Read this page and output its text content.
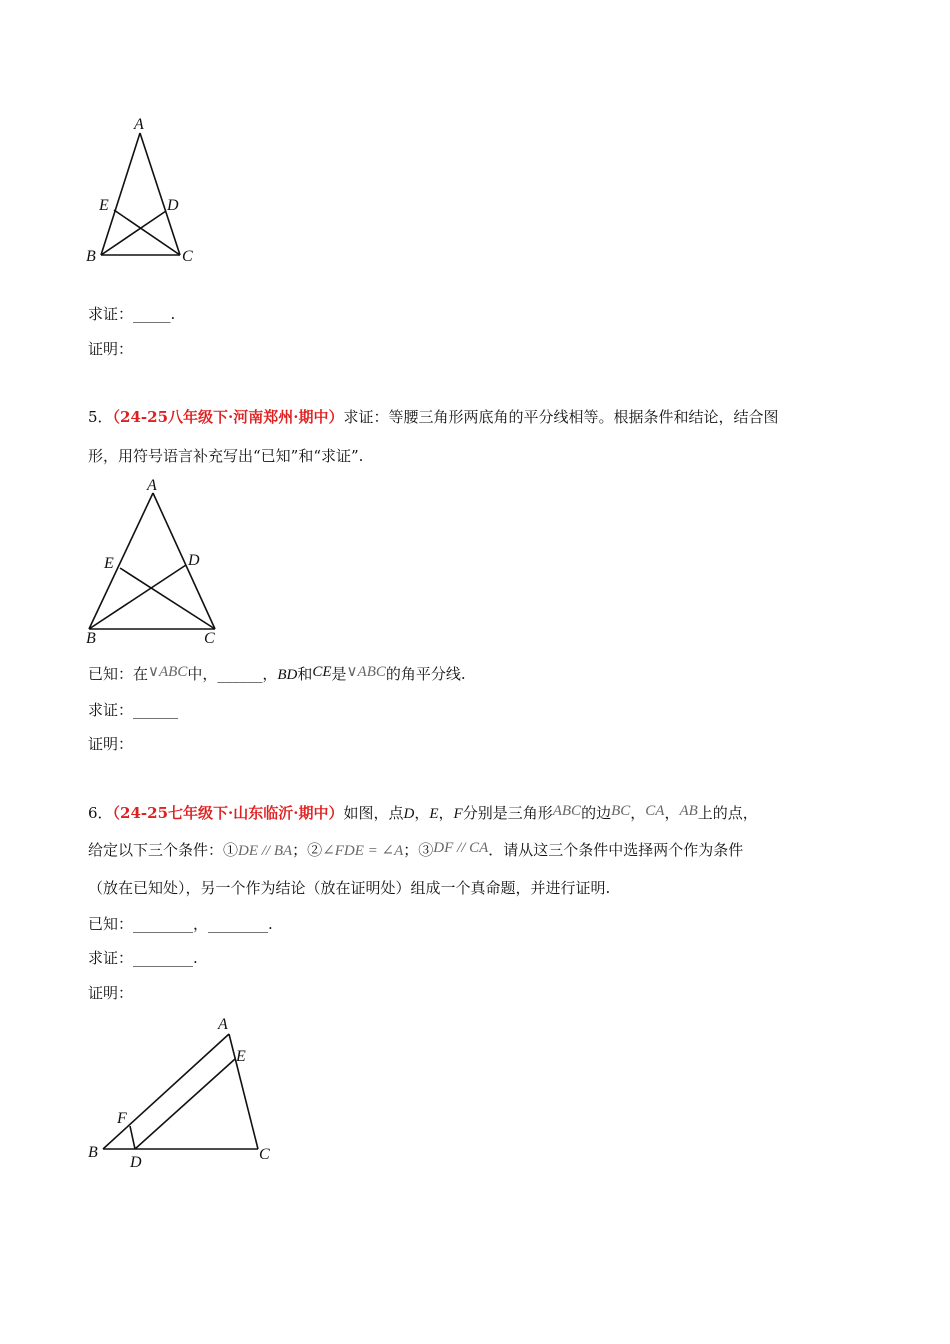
A
E	D
B	C
求证：_____.
证明：
5．（24-25八年级下·河南郑州·期中）求证：等腰三角形两底角的平分线相等。根据条件和结论，结合图
形，用符号语言补充写出“已知”和“求证”.
A
E	D
B	C
已知：在∨ABC中，______，BD和CE是∨ABC的角平分线.
求证：______
证明：
6．（24-25七年级下·山东临沂·期中）如图，点D，E，F分别是三角形ABC的边BC，CA，AB上的点，
给定以下三个条件：①DE // BA；②∠FDE = ∠A；③DF // CA．请从这三个条件中选择两个作为条件
（放在已知处），另一个作为结论（放在证明处）组成一个真命题，并进行证明.
已知：________，________.
求证：________.
证明：
A
E
F
B
D	C
